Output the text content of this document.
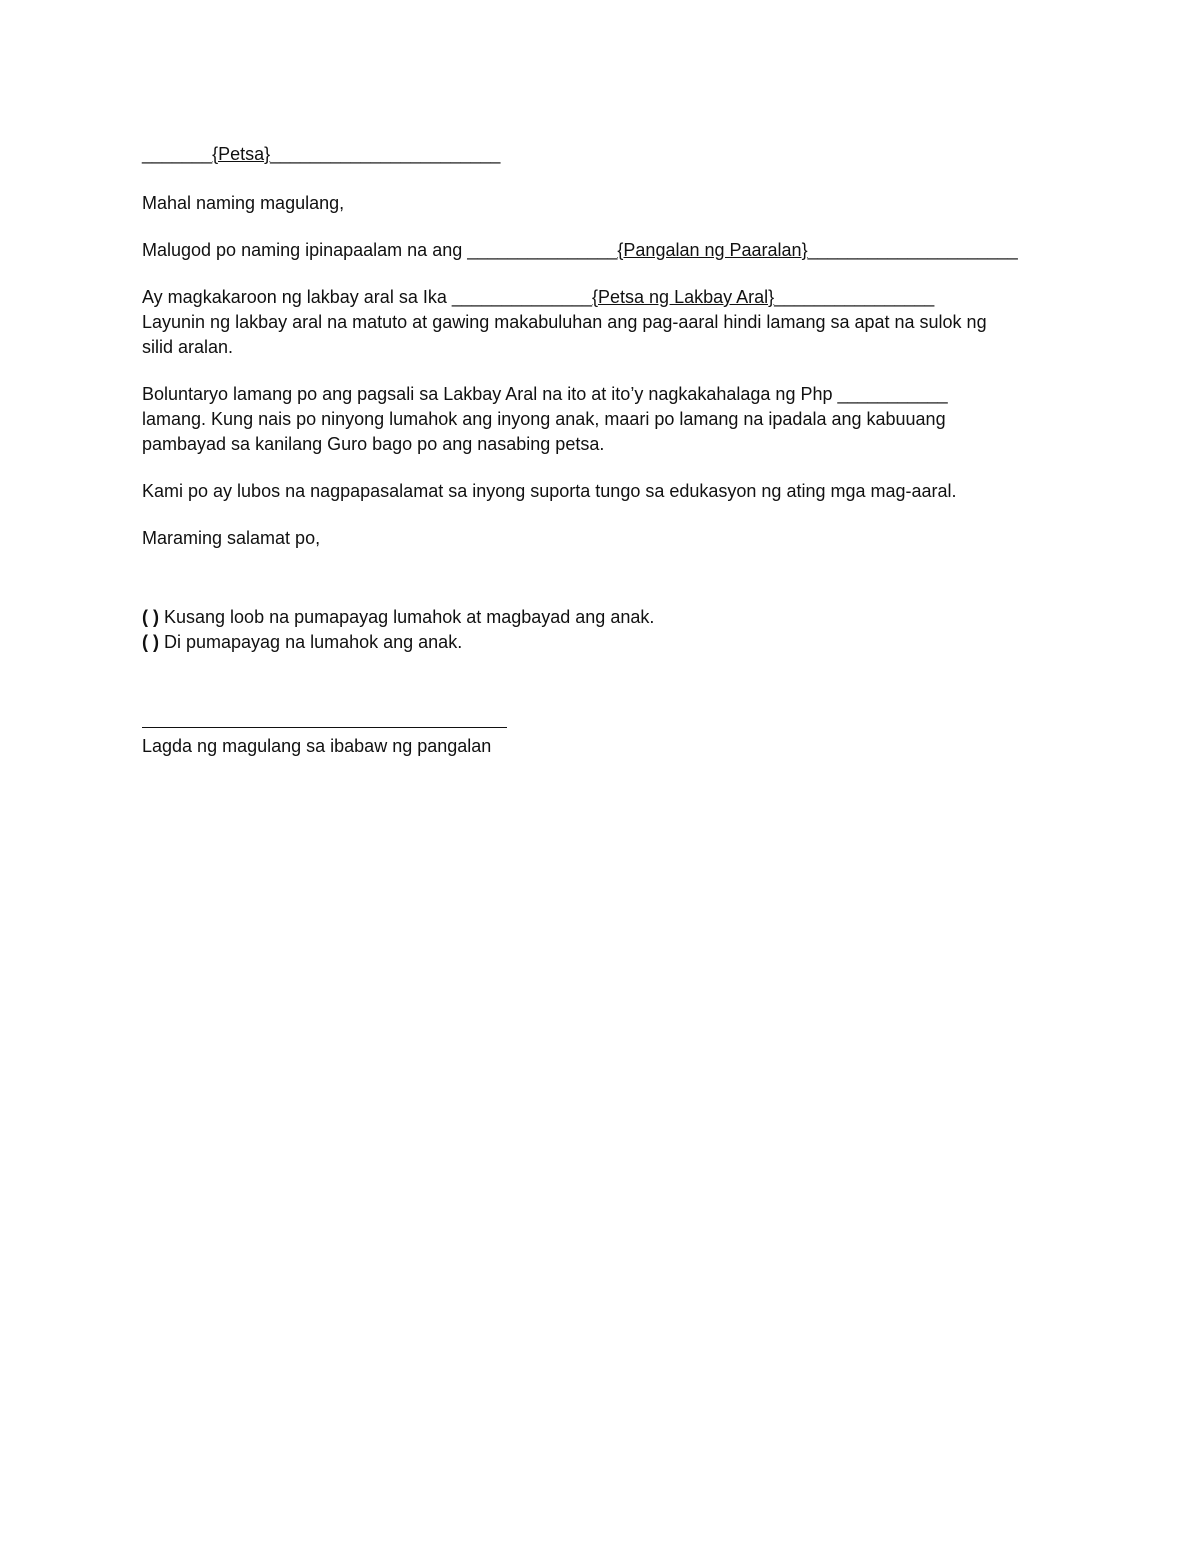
_______{Petsa}_______________________
Mahal naming magulang,
Malugod po naming ipinapaalam na ang _______________{Pangalan ng Paaralan}_____________________
Ay magkakaroon ng lakbay aral sa Ika ______________{Petsa ng Lakbay Aral}________________
Layunin ng lakbay aral na matuto at gawing makabuluhan ang pag-aaral hindi lamang sa apat na sulok ng
silid aralan.
Boluntaryo lamang po ang pagsali sa Lakbay Aral na ito at ito’y nagkakahalaga ng Php ___________
lamang. Kung nais po ninyong lumahok ang inyong anak, maari po lamang na ipadala ang kabuuang
pambayad sa kanilang Guro bago po ang nasabing petsa.
Kami po ay lubos na nagpapasalamat sa inyong suporta tungo sa edukasyon ng ating mga mag-aaral.
Maraming salamat po,
( ) Kusang loob na pumapayag lumahok at magbayad ang anak.
( ) Di pumapayag na lumahok ang anak.
Lagda ng magulang sa ibabaw ng pangalan
